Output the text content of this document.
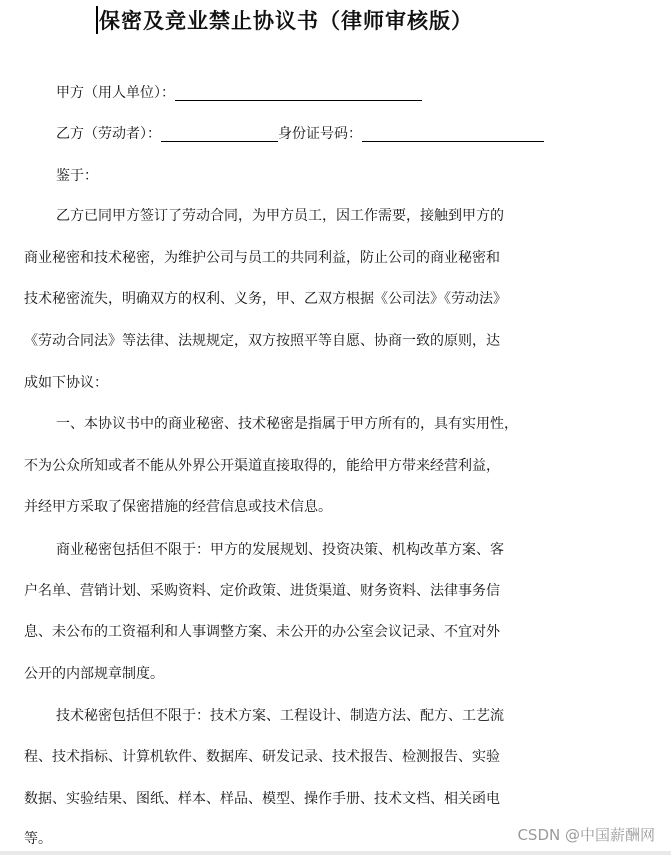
保密及竞业禁止协议书（律师审核版）
甲方（用人单位）：
乙方（劳动者）：	身份证号码：
鉴于：
乙方已同甲方签订了劳动合同，为甲方员工，因工作需要，接触到甲方的
商业秘密和技术秘密，为维护公司与员工的共同利益，防止公司的商业秘密和
技术秘密流失，明确双方的权利、义务，甲、乙双方根据《公司法》《劳动法》
《劳动合同法》等法律、法规规定，双方按照平等自愿、协商一致的原则，达
成如下协议：
一、本协议书中的商业秘密、技术秘密是指属于甲方所有的，具有实用性，
不为公众所知或者不能从外界公开渠道直接取得的，能给甲方带来经营利益，
并经甲方采取了保密措施的经营信息或技术信息。
商业秘密包括但不限于：甲方的发展规划、投资决策、机构改革方案、客
户名单、营销计划、采购资料、定价政策、进货渠道、财务资料、法律事务信
息、未公布的工资福利和人事调整方案、未公开的办公室会议记录、不宜对外
公开的内部规章制度。
技术秘密包括但不限于：技术方案、工程设计、制造方法、配方、工艺流
程、技术指标、计算机软件、数据库、研发记录、技术报告、检测报告、实验
数据、实验结果、图纸、样本、样品、模型、操作手册、技术文档、相关函电
等。	CSDN @中国薪酬网
